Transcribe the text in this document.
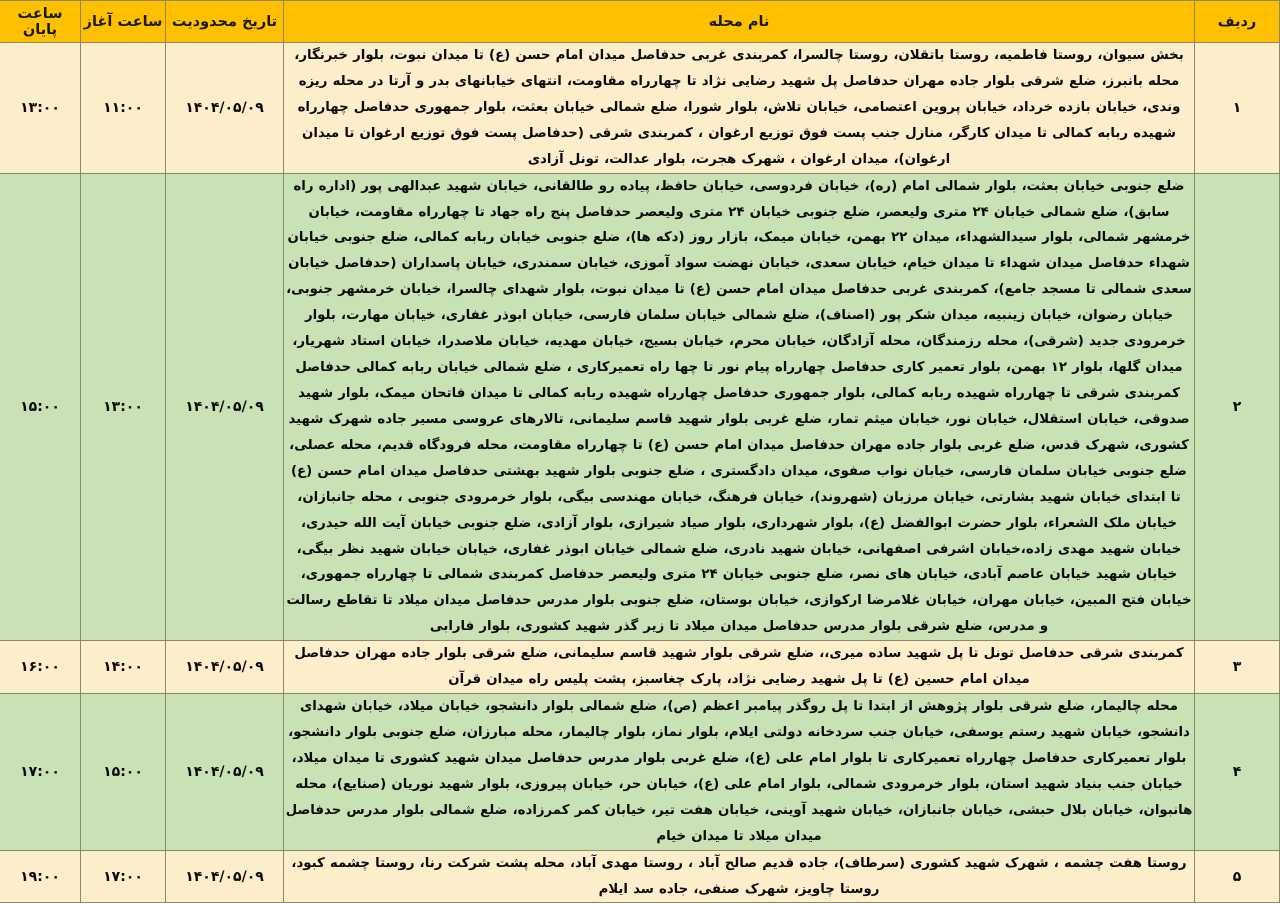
ردیف	نام محله	تاریخ محدودیت	ساعت آغاز	ساعت پایان
۱	بخش سیوان، روستا فاطمیه، روستا باتقلان، روستا چالسرا، کمربندی غربی حدفاصل میدان امام حسن (ع) تا میدان نبوت، بلوار خبرنگار، محله بانبرز، ضلع شرقی بلوار جاده مهران حدفاصل پل شهید رضایی نژاد تا چهارراه مقاومت، انتهای خیابانهای بدر و آرتا در محله ریزه وندی، خیابان بازده خرداد، خیابان پروین اعتصامی، خیابان تلاش، بلوار شورا، ضلع شمالی خیابان بعثت، بلوار جمهوری حدفاصل چهارراه شهیده ربابه کمالی تا میدان کارگر، منازل جنب پست فوق توزیع ارغوان ، کمربندی شرقی (حدفاصل پست فوق توزیع ارغوان تا میدان ارغوان)، میدان ارغوان ، شهرک هجرت، بلوار عدالت، تونل آزادی	۱۴۰۴/۰۵/۰۹	۱۱:۰۰	۱۳:۰۰
۲	ضلع جنوبی خیابان بعثت، بلوار شمالی امام (ره)، خیابان فردوسی، خیابان حافظ، پیاده رو طالقانی، خیابان شهید عبدالهی پور (اداره راه سابق)، ضلع شمالی خیابان ۲۴ متری ولیعصر، ضلع جنوبی خیابان ۲۴ متری ولیعصر حدفاصل پنج راه جهاد تا چهارراه مقاومت، خیابان خرمشهر شمالی، بلوار سیدالشهداء، میدان ۲۲ بهمن، خیابان میمک، بازار روز (دکه ها)، ضلع جنوبی خیابان ربابه کمالی، ضلع جنوبی خیابان شهداء حدفاصل میدان شهداء تا میدان خیام، خیابان سعدی، خیابان نهضت سواد آموزی، خیابان سمندری، خیابان پاسداران (حدفاصل خیابان سعدی شمالی تا مسجد جامع)، کمربندی غربی حدفاصل میدان امام حسن (ع) تا میدان نبوت، بلوار شهدای چالسرا، خیابان خرمشهر جنوبی، خیابان رضوان، خیابان زینبیه، میدان شکر پور (اصناف)، ضلع شمالی خیابان سلمان فارسی، خیابان ابوذر غفاری، خیابان مهارت، بلوار خرمرودی جدید (شرقی)، محله رزمندگان، محله آزادگان، خیابان محرم، خیابان بسیج، خیابان مهدیه، خیابان ملاصدرا، خیابان استاد شهریار، میدان گلها، بلوار ۱۲ بهمن، بلوار تعمیر کاری حدفاصل چهارراه پیام نور تا چها راه تعمیرکاری ، ضلع شمالی خیابان ربابه کمالی حدفاصل کمربندی شرقی تا چهارراه شهیده ربابه کمالی، بلوار جمهوری حدفاصل چهارراه شهیده ربابه کمالی تا میدان فاتحان میمک، بلوار شهید صدوقی، خیابان استقلال، خیابان نور، خیابان میثم تمار، ضلع غربی بلوار شهید قاسم سلیمانی، تالارهای عروسی مسیر جاده شهرک شهید کشوری، شهرک قدس، ضلع غربی بلوار جاده مهران حدفاصل میدان امام حسن (ع) تا چهارراه مقاومت، محله فرودگاه قدیم، محله عصلی، ضلع جنوبی خیابان سلمان فارسی، خیابان نواب صفوی، میدان دادگستری ، ضلع جنوبی بلوار شهید بهشتی حدفاصل میدان امام حسن (ع) تا ابتدای خیابان شهید بشارتی، خیابان مرزبان (شهروند)، خیابان فرهنگ، خیابان مهندسی بیگی، بلوار خرمرودی جنوبی ، محله جانبازان، خیابان ملک الشعراء، بلوار حضرت ابوالفضل (ع)، بلوار شهرداری، بلوار صیاد شیرازی، بلوار آزادی، ضلع جنوبی خیابان آیت الله حیدری، خیابان شهید مهدی زاده،خیابان اشرفی اصفهانی، خیابان شهید نادری، ضلع شمالی خیابان ابوذر غفاری، خیابان خیابان شهید نظر بیگی، خیابان شهید خیابان عاصم آبادی، خیابان های نصر، ضلع جنوبی خیابان ۲۴ متری ولیعصر حدفاصل کمربندی شمالی تا چهارراه جمهوری، خیابان فتح المبین، خیابان مهران، خیابان غلامرضا ارکوازی، خیابان بوستان، ضلع جنوبی بلوار مدرس حدفاصل میدان میلاد تا تقاطع رسالت و مدرس، ضلع شرقی بلوار مدرس حدفاصل میدان میلاد تا زیر گذر شهید کشوری، بلوار فارابی	۱۴۰۴/۰۵/۰۹	۱۳:۰۰	۱۵:۰۰
۳	کمربندی شرقی حدفاصل تونل تا پل شهید ساده میری،، ضلع شرقی بلوار شهید قاسم سلیمانی، ضلع شرقی بلوار جاده مهران حدفاصل میدان امام حسین (ع) تا پل شهید رضایی نژاد، پارک چغاسبز، پشت پلیس راه میدان قرآن	۱۴۰۴/۰۵/۰۹	۱۴:۰۰	۱۶:۰۰
۴	محله چالیمار، ضلع شرقی بلوار پژوهش از ابتدا تا پل روگذر پیامبر اعظم (ص)، ضلع شمالی بلوار دانشجو، خیابان میلاد، خیابان شهدای دانشجو، خیابان شهید رستم یوسفی، خیابان جنب سردخانه دولتی ایلام، بلوار نماز، بلوار چالیمار، محله مبارزان، ضلع جنوبی بلوار دانشجو، بلوار تعمیرکاری حدفاصل چهارراه تعمیرکاری تا بلوار امام علی (ع)، ضلع غربی بلوار مدرس حدفاصل میدان شهید کشوری تا میدان میلاد، خیابان جنب بنیاد شهید استان، بلوار خرمرودی شمالی، بلوار امام علی (ع)، خیابان حر، خیابان پیروزی، بلوار شهید نوریان (صنایع)، محله هانبوان، خیابان بلال حبشی، خیابان جانبازان، خیابان شهید آوینی، خیابان هفت تیر، خیابان کمر کمرزاده، ضلع شمالی بلوار مدرس حدفاصل میدان میلاد تا میدان خیام	۱۴۰۴/۰۵/۰۹	۱۵:۰۰	۱۷:۰۰
۵	روستا هفت چشمه ، شهرک شهید کشوری (سرطاف)، جاده قدیم صالح آباد ، روستا مهدی آباد، محله پشت شرکت رنا، روستا چشمه کبود، روستا چاویز، شهرک صنفی، جاده سد ایلام	۱۴۰۴/۰۵/۰۹	۱۷:۰۰	۱۹:۰۰
